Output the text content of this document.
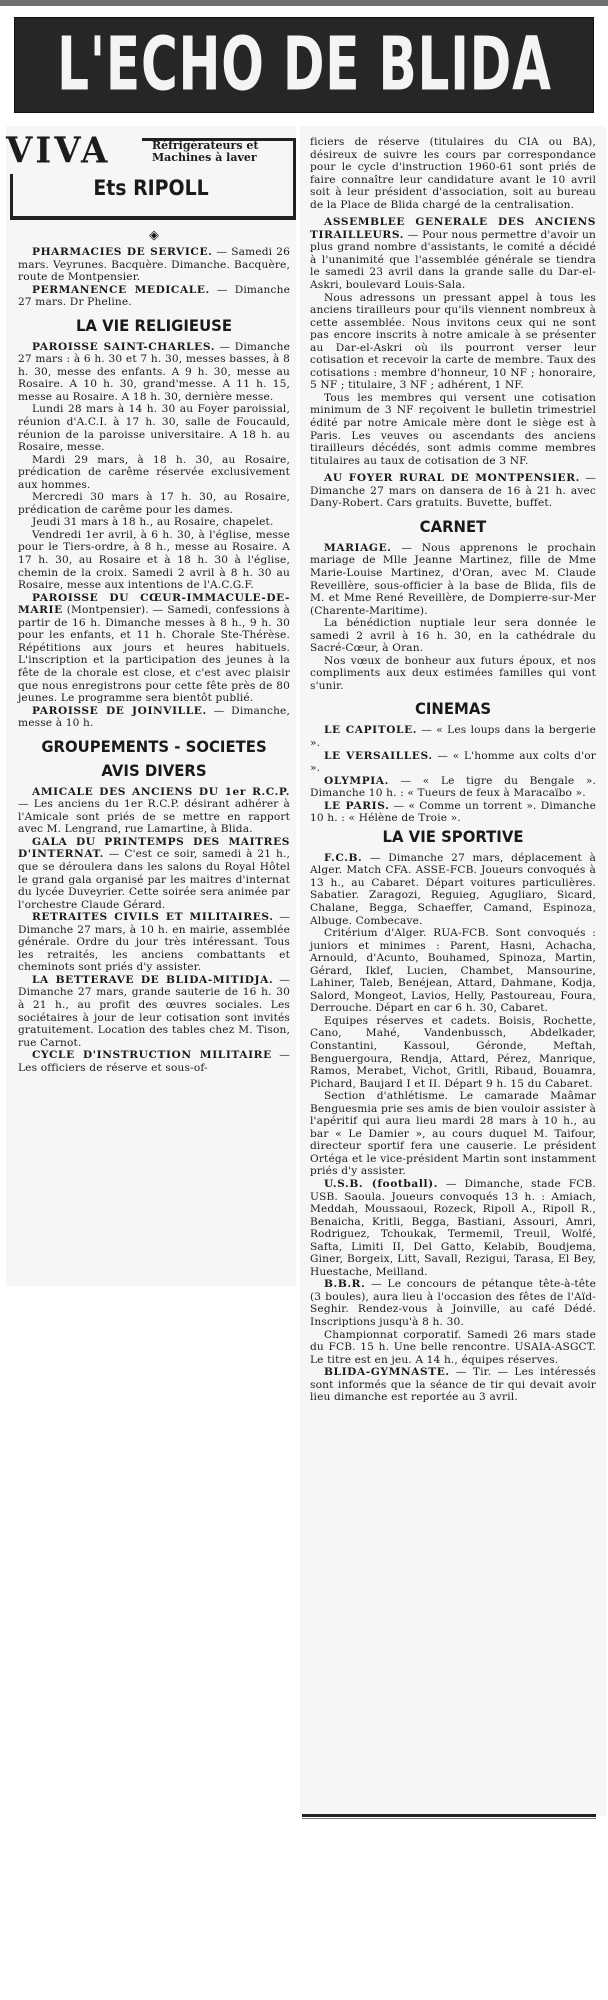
L'ECHO DE BLIDA
VIVA	Réfrigérateurs et
Machines à laver
Ets RIPOLL
◈

PHARMACIES DE SERVICE. — Samedi 26 mars. Veyrunes. Bacquère. Dimanche. Bacquère, route de Montpensier.

PERMANENCE MEDICALE. — Dimanche 27 mars. Dr Pheline.

LA VIE RELIGIEUSE

PAROISSE SAINT-CHARLES. — Dimanche 27 mars : à 6 h. 30 et 7 h. 30, messes basses, à 8 h. 30, messe des enfants. A 9 h. 30, messe au Rosaire. A 10 h. 30, grand'messe. A 11 h. 15, messe au Rosaire. A 18 h. 30, dernière messe.

Lundi 28 mars à 14 h. 30 au Foyer paroissial, réunion d'A.C.I. à 17 h. 30, salle de Foucauld, réunion de la paroisse universitaire. A 18 h. au Rosaire, messe.

Mardi 29 mars, à 18 h. 30, au Rosaire, prédication de carême réservée exclusivement aux hommes.

Mercredi 30 mars à 17 h. 30, au Rosaire, prédication de carême pour les dames.

Jeudi 31 mars à 18 h., au Rosaire, chapelet.

Vendredi 1er avril, à 6 h. 30, à l'église, messe pour le Tiers-ordre, à 8 h., messe au Rosaire. A 17 h. 30, au Rosaire et à 18 h. 30 à l'église, chemin de la croix. Samedi 2 avril à 8 h. 30 au Rosaire, messe aux intentions de l'A.C.G.F.

PAROISSE DU CŒUR-IMMACULE-DE-MARIE (Montpensier). — Samedi, confessions à partir de 16 h. Dimanche messes à 8 h., 9 h. 30 pour les enfants, et 11 h. Chorale Ste-Thérèse. Répétitions aux jours et heures habituels. L'inscription et la participation des jeunes à la fête de la chorale est close, et c'est avec plaisir que nous enregistrons pour cette fête près de 80 jeunes. Le programme sera bientôt publié.

PAROISSE DE JOINVILLE. — Dimanche, messe à 10 h.

GROUPEMENTS - SOCIETES
AVIS DIVERS

AMICALE DES ANCIENS DU 1er R.C.P. — Les anciens du 1er R.C.P. désirant adhérer à l'Amicale sont priés de se mettre en rapport avec M. Lengrand, rue Lamartine, à Blida.

GALA DU PRINTEMPS DES MAITRES D'INTERNAT. — C'est ce soir, samedi à 21 h., que se déroulera dans les salons du Royal Hôtel le grand gala organisé par les maitres d'internat du lycée Duveyrier. Cette soirée sera animée par l'orchestre Claude Gérard.

RETRAITES CIVILS ET MILITAIRES. — Dimanche 27 mars, à 10 h. en mairie, assemblée générale. Ordre du jour très intéressant. Tous les retraités, les anciens combattants et cheminots sont priés d'y assister.

LA BETTERAVE DE BLIDA-MITIDJA. — Dimanche 27 mars, grande sauterie de 16 h. 30 à 21 h., au profit des œuvres sociales. Les sociétaires à jour de leur cotisation sont invités gratuitement. Location des tables chez M. Tison, rue Carnot.

CYCLE D'INSTRUCTION MILITAIRE — Les officiers de réserve et sous-of-

ficiers de réserve (titulaires du CIA ou BA), désireux de suivre les cours par correspondance pour le cycle d'instruction 1960-61 sont priés de faire connaître leur candidature avant le 10 avril soit à leur président d'association, soit au bureau de la Place de Blida chargé de la centralisation.

ASSEMBLEE GENERALE DES ANCIENS TIRAILLEURS. — Pour nous permettre d'avoir un plus grand nombre d'assistants, le comité a décidé à l'unanimité que l'assemblée générale se tiendra le samedi 23 avril dans la grande salle du Dar-el-Askri, boulevard Louis-Sala.

Nous adressons un pressant appel à tous les anciens tirailleurs pour qu'ils viennent nombreux à cette assemblée. Nous invitons ceux qui ne sont pas encore inscrits à notre amicale à se présenter au Dar-el-Askri où ils pourront verser leur cotisation et recevoir la carte de membre. Taux des cotisations : membre d'honneur, 10 NF ; honoraire, 5 NF ; titulaire, 3 NF ; adhérent, 1 NF.

Tous les membres qui versent une cotisation minimum de 3 NF reçoivent le bulletin trimestriel édité par notre Amicale mère dont le siège est à Paris. Les veuves ou ascendants des anciens tirailleurs décédés, sont admis comme membres titulaires au taux de cotisation de 3 NF.

AU FOYER RURAL DE MONTPENSIER. — Dimanche 27 mars on dansera de 16 à 21 h. avec Dany-Robert. Cars gratuits. Buvette, buffet.

CARNET

MARIAGE. — Nous apprenons le prochain mariage de Mlle Jeanne Martinez, fille de Mme Marie-Louise Martinez, d'Oran, avec M. Claude Reveillère, sous-officier à la base de Blida, fils de M. et Mme René Reveillère, de Dompierre-sur-Mer (Charente-Maritime).

La bénédiction nuptiale leur sera donnée le samedi 2 avril à 16 h. 30, en la cathédrale du Sacré-Cœur, à Oran.

Nos vœux de bonheur aux futurs époux, et nos compliments aux deux estimées familles qui vont s'unir.

CINEMAS

LE CAPITOLE. — « Les loups dans la bergerie ».

LE VERSAILLES. — « L'homme aux colts d'or ».

OLYMPIA. — « Le tigre du Bengale ». Dimanche 10 h. : « Tueurs de feux à Maracaïbo ».

LE PARIS. — « Comme un torrent ». Dimanche 10 h. : « Hélène de Troie ».

LA VIE SPORTIVE

F.C.B. — Dimanche 27 mars, déplacement à Alger. Match CFA. ASSE-FCB. Joueurs convoqués à 13 h., au Cabaret. Départ voitures particulières. Sabatier. Zaragozi, Reguieg, Agugliaro, Sicard, Chalane, Begga, Schaeffer, Camand, Espinoza, Albuge. Combecave.

Critérium d'Alger. RUA-FCB. Sont convoqués : juniors et minimes : Parent, Hasni, Achacha, Arnould, d'Acunto, Bouhamed, Spinoza, Martin, Gérard, Iklef, Lucien, Chambet, Mansourine, Lahiner, Taleb, Benéjean, Attard, Dahmane, Kodja, Salord, Mongeot, Lavios, Helly, Pastoureau, Foura, Derrouche. Départ en car 6 h. 30, Cabaret.

Equipes réserves et cadets. Boisis, Rochette, Cano, Mahé, Vandenbussch, Abdelkader, Constantini, Kassoul, Géronde, Meftah, Benguergoura, Rendja, Attard, Pérez, Manrique, Ramos, Merabet, Vichot, Gritli, Ribaud, Bouamra, Pichard, Baujard I et II. Départ 9 h. 15 du Cabaret.

Section d'athlétisme. Le camarade Maâmar Benguesmia prie ses amis de bien vouloir assister à l'apéritif qui aura lieu mardi 28 mars à 10 h., au bar « Le Damier », au cours duquel M. Taifour, directeur sportif fera une causerie. Le président Ortéga et le vice-président Martin sont instamment priés d'y assister.

U.S.B. (football). — Dimanche, stade FCB. USB. Saoula. Joueurs convoqués 13 h. : Amiach, Meddah, Moussaoui, Rozeck, Ripoll A., Ripoll R., Benaicha, Kritli, Begga, Bastiani, Assouri, Amri, Rodriguez, Tchoukak, Termemil, Treuil, Wolfé, Safta, Limiti II, Del Gatto, Kelabib, Boudjema, Giner, Borgeix, Litt, Savall, Rezigui, Tarasa, El Bey, Huestache, Meilland.

B.B.R. — Le concours de pétanque tête-à-tête (3 boules), aura lieu à l'occasion des fêtes de l'Aïd-Seghir. Rendez-vous à Joinville, au café Dédé. Inscriptions jusqu'à 8 h. 30.

Championnat corporatif. Samedi 26 mars stade du FCB. 15 h. Une belle rencontre. USAIA-ASGCT. Le titre est en jeu. A 14 h., équipes réserves.

BLIDA-GYMNASTE. — Tir. — Les intéressés sont informés que la séance de tir qui devait avoir lieu dimanche est reportée au 3 avril.
